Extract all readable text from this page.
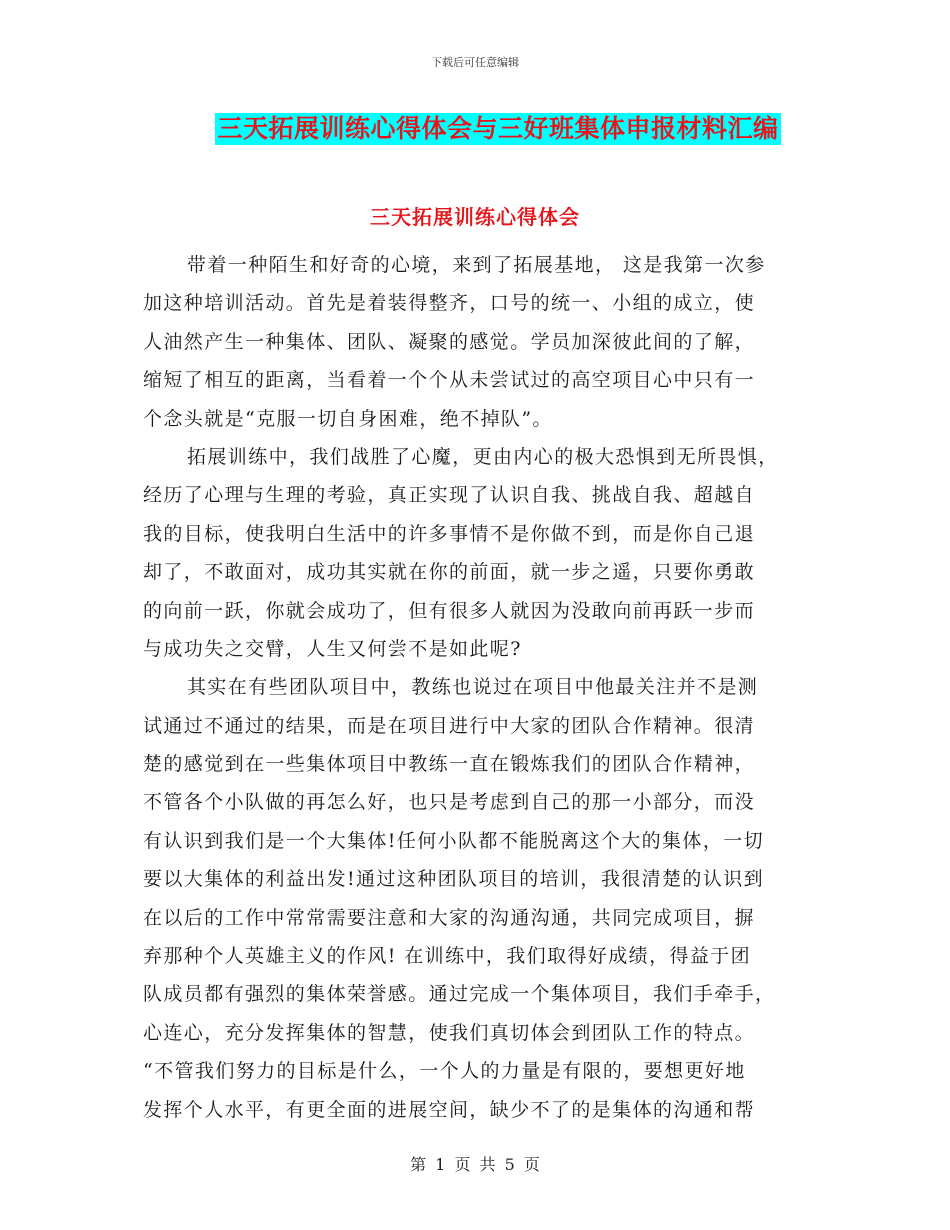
下载后可任意编辑
三天拓展训练心得体会与三好班集体申报材料汇编
三天拓展训练心得体会
带着一种陌生和好奇的心境，来到了拓展基地， 这是我第一次参
加这种培训活动。首先是着装得整齐，口号的统一、小组的成立，使
人油然产生一种集体、团队、凝聚的感觉。学员加深彼此间的了解，
缩短了相互的距离，当看着一个个从未尝试过的高空项目心中只有一
个念头就是“克服一切自身困难，绝不掉队”。
拓展训练中，我们战胜了心魔，更由内心的极大恐惧到无所畏惧，
经历了心理与生理的考验，真正实现了认识自我、挑战自我、超越自
我的目标，使我明白生活中的许多事情不是你做不到，而是你自己退
却了，不敢面对，成功其实就在你的前面，就一步之遥，只要你勇敢
的向前一跃，你就会成功了，但有很多人就因为没敢向前再跃一步而
与成功失之交臂，人生又何尝不是如此呢?
其实在有些团队项目中，教练也说过在项目中他最关注并不是测
试通过不通过的结果，而是在项目进行中大家的团队合作精神。很清
楚的感觉到在一些集体项目中教练一直在锻炼我们的团队合作精神，
不管各个小队做的再怎么好，也只是考虑到自己的那一小部分，而没
有认识到我们是一个大集体!任何小队都不能脱离这个大的集体，一切
要以大集体的利益出发!通过这种团队项目的培训，我很清楚的认识到
在以后的工作中常常需要注意和大家的沟通沟通，共同完成项目，摒
弃那种个人英雄主义的作风! 在训练中，我们取得好成绩，得益于团
队成员都有强烈的集体荣誉感。通过完成一个集体项目，我们手牵手，
心连心，充分发挥集体的智慧，使我们真切体会到团队工作的特点。
“不管我们努力的目标是什么，一个人的力量是有限的，要想更好地
发挥个人水平，有更全面的进展空间，缺少不了的是集体的沟通和帮
第 1 页 共 5 页
